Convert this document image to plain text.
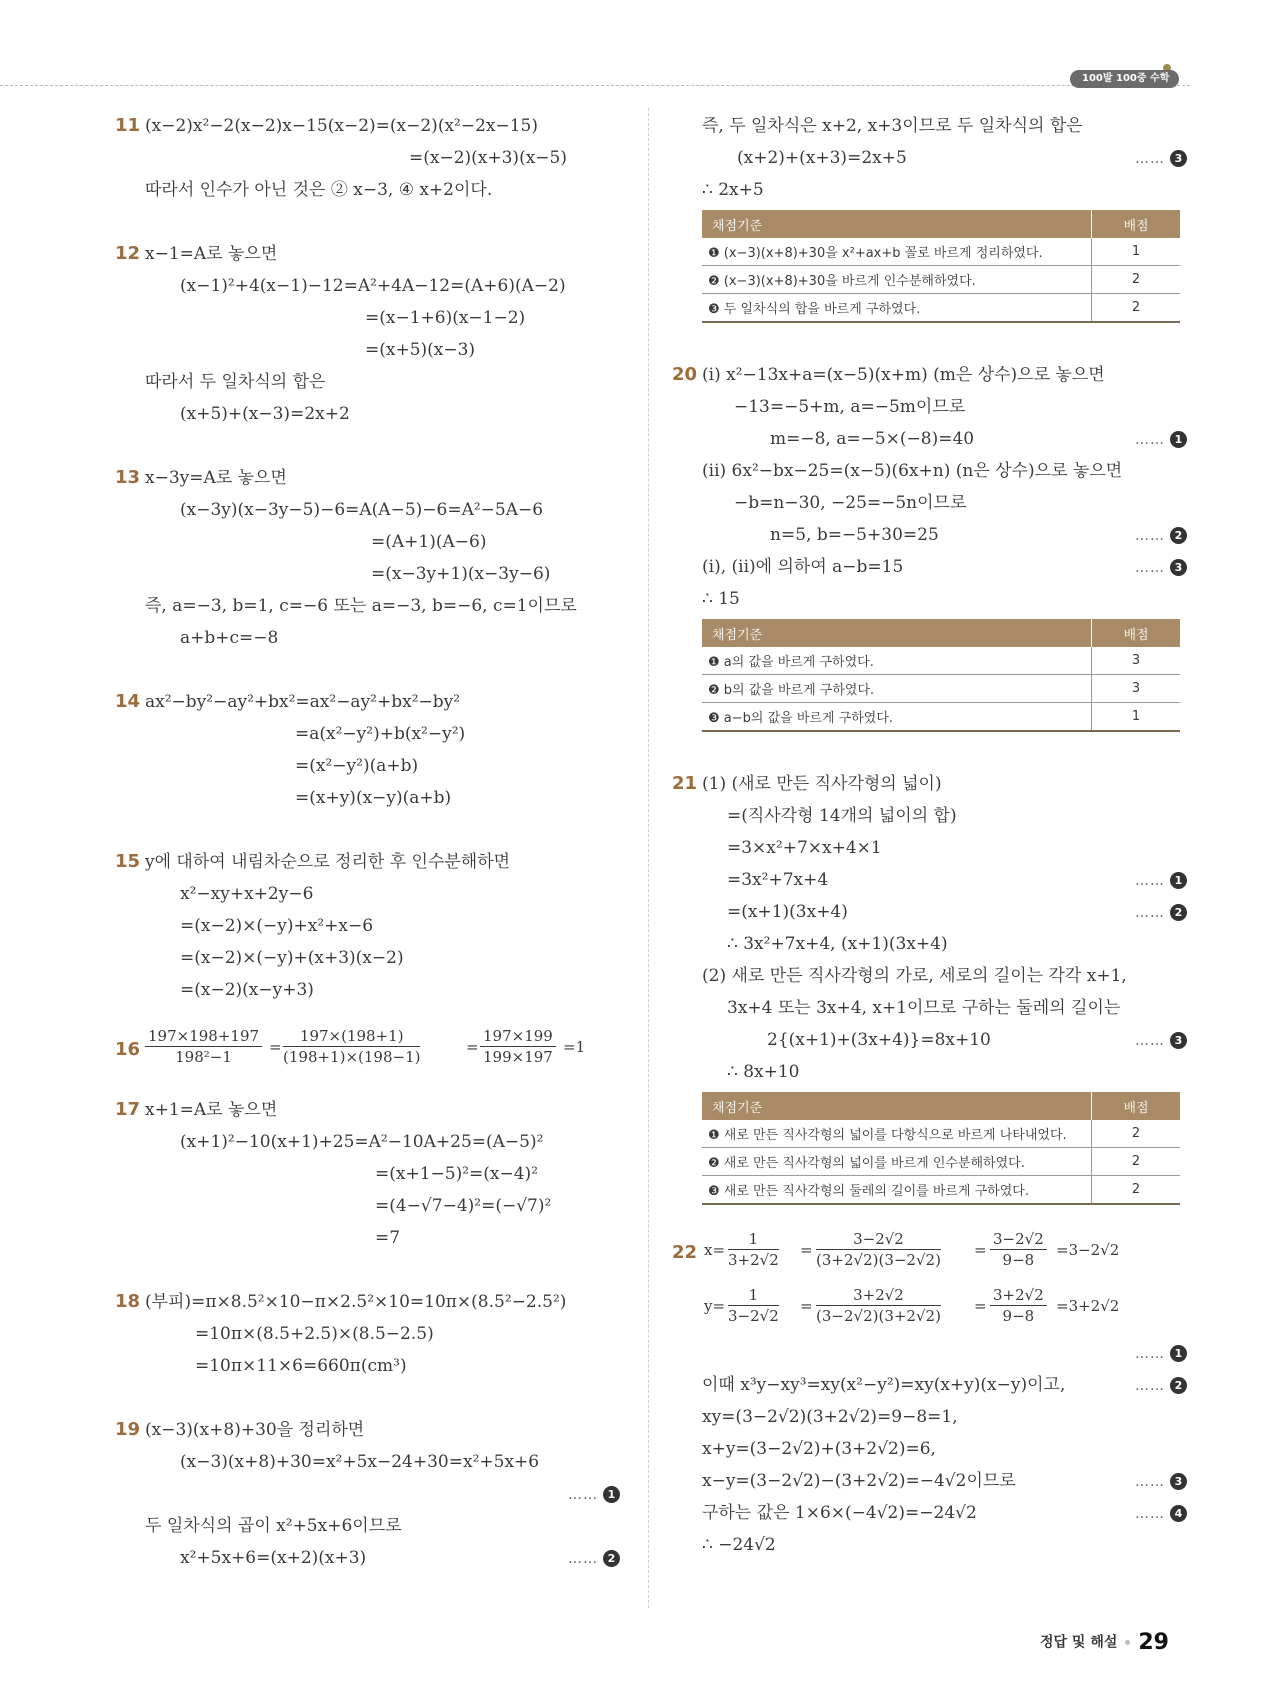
100발 100중 수학
11 (x−2)x²−2(x−2)x−15(x−2)=(x−2)(x²−2x−15)
=(x−2)(x+3)(x−5)
따라서 인수가 아닌 것은 ② x−3, ④ x+2이다.
12 x−1=A로 놓으면
(x−1)²+4(x−1)−12=A²+4A−12=(A+6)(A−2)
=(x−1+6)(x−1−2)
=(x+5)(x−3)
따라서 두 일차식의 합은
(x+5)+(x−3)=2x+2
13 x−3y=A로 놓으면
(x−3y)(x−3y−5)−6=A(A−5)−6=A²−5A−6
=(A+1)(A−6)
=(x−3y+1)(x−3y−6)
즉, a=−3, b=1, c=−6 또는 a=−3, b=−6, c=1이므로
a+b+c=−8
14 ax²−by²−ay²+bx²=ax²−ay²+bx²−by²
=a(x²−y²)+b(x²−y²)
=(x²−y²)(a+b)
=(x+y)(x−y)(a+b)
15 y에 대하여 내림차순으로 정리한 후 인수분해하면
x²−xy+x+2y−6
=(x−2)×(−y)+x²+x−6
=(x−2)×(−y)+(x+3)(x−2)
=(x−2)(x−y+3)
$16 \frac{197\times 198+197}{\text{198²−1}} = \frac{197\times(198+1)}{(198+1)\times(198-1)}$	= $\frac{197\times 199}{199\times 197} =1$
17 x+1=A로 놓으면
(x+1)²−10(x+1)+25=A²−10A+25=(A−5)²
=(x+1−5)²=(x−4)²
=(4−√7−4)²=(−√7)²
=7
18 (부피)=π×8.5²×10−π×2.5²×10=10π×(8.5²−2.5²)
=10π×(8.5+2.5)×(8.5−2.5)
=10π×11×6=660π(cm³)
19 (x−3)(x+8)+30을 정리하면
(x−3)(x+8)+30=x²+5x−24+30=x²+5x+6
…… 1
두 일차식의 곱이 x²+5x+6이므로
x²+5x+6=(x+2)(x+3)	…… 2
즉, 두 일차식은 x+2, x+3이므로 두 일차식의 합은
(x+2)+(x+3)=2x+5	…… 3
∴ 2x+5
채점기준	배점
❶ (x−3)(x+8)+30을 x²+ax+b 꼴로 바르게 정리하였다.	1
❷ (x−3)(x+8)+30을 바르게 인수분해하였다.	2
❸ 두 일차식의 합을 바르게 구하였다.	2
20 (i) x²−13x+a=(x−5)(x+m) (m은 상수)으로 놓으면
−13=−5+m, a=−5m이므로
m=−8, a=−5×(−8)=40	…… 1
(ii) 6x²−bx−25=(x−5)(6x+n) (n은 상수)으로 놓으면
−b=n−30, −25=−5n이므로
n=5, b=−5+30=25	…… 2
(i), (ii)에 의하여 a−b=15	…… 3
∴ 15
채점기준	배점
❶ a의 값을 바르게 구하였다.	3
❷ b의 값을 바르게 구하였다.	3
❸ a−b의 값을 바르게 구하였다.	1
21 (1) (새로 만든 직사각형의 넓이)
=(직사각형 14개의 넓이의 합)
=3×x²+7×x+4×1
=3x²+7x+4	…… 1
=(x+1)(3x+4)	…… 2
∴ 3x²+7x+4, (x+1)(3x+4)
(2) 새로 만든 직사각형의 가로, 세로의 길이는 각각 x+1,
3x+4 또는 3x+4, x+1이므로 구하는 둘레의 길이는
2{(x+1)+(3x+4)}=8x+10	…… 3
∴ 8x+10
채점기준	배점
❶ 새로 만든 직사각형의 넓이를 다항식으로 바르게 나타내었다.	2
❷ 새로 만든 직사각형의 넓이를 바르게 인수분해하였다.	2
❸ 새로 만든 직사각형의 둘레의 길이를 바르게 구하였다.	2
22 $x= \frac{1}{3+2√2} = \frac{3-2√2}{(3+2√2)(3-2√2)} = \frac{3-2√2}{9-8} =3-2√2$
$y= \frac{1}{3-2√2} = \frac{3+2√2}{(3-2√2)(3+2√2)} = \frac{3+2√2}{9-8} =3+2√2$
…… 1
이때 x³y−xy³=xy(x²−y²)=xy(x+y)(x−y)이고,	…… 2
xy=(3−2√2)(3+2√2)=9−8=1,
x+y=(3−2√2)+(3+2√2)=6,
x−y=(3−2√2)−(3+2√2)=−4√2이므로	…… 3
구하는 값은 1×6×(−4√2)=−24√2	…… 4
∴ −24√2
정답 및 해설 29
